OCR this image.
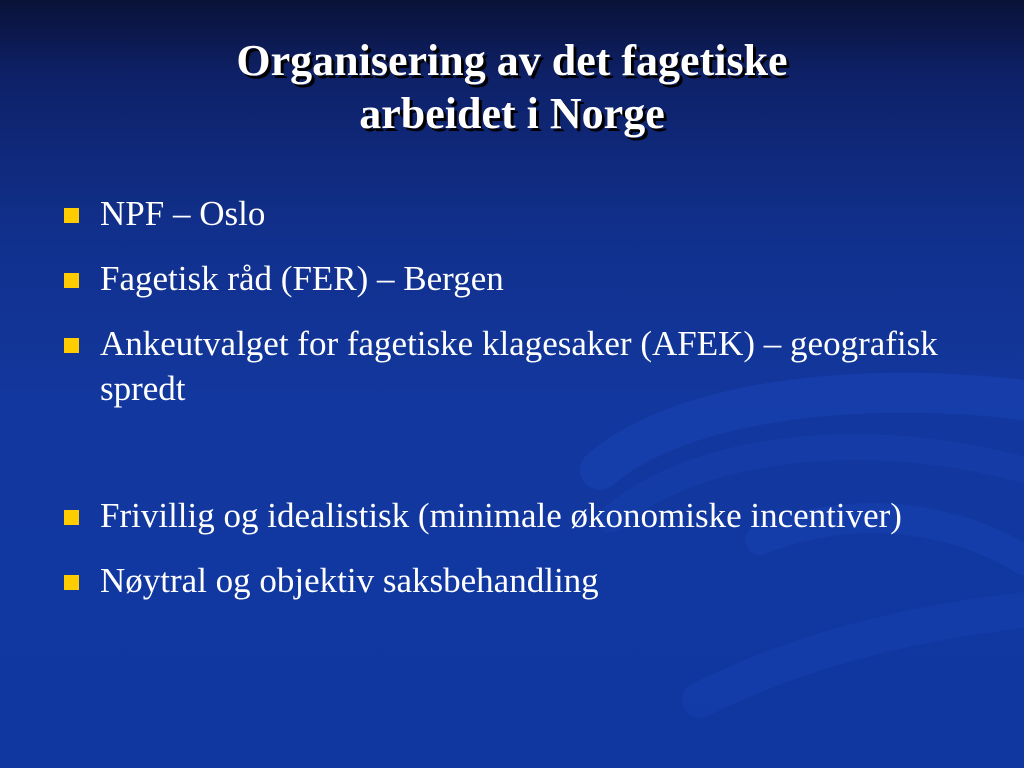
Organisering av det fagetiske
arbeidet i Norge
NPF – Oslo
Fagetisk råd (FER) – Bergen
Ankeutvalget for fagetiske klagesaker (AFEK) – geografisk spredt
Frivillig og idealistisk (minimale økonomiske incentiver)
Nøytral og objektiv saksbehandling
